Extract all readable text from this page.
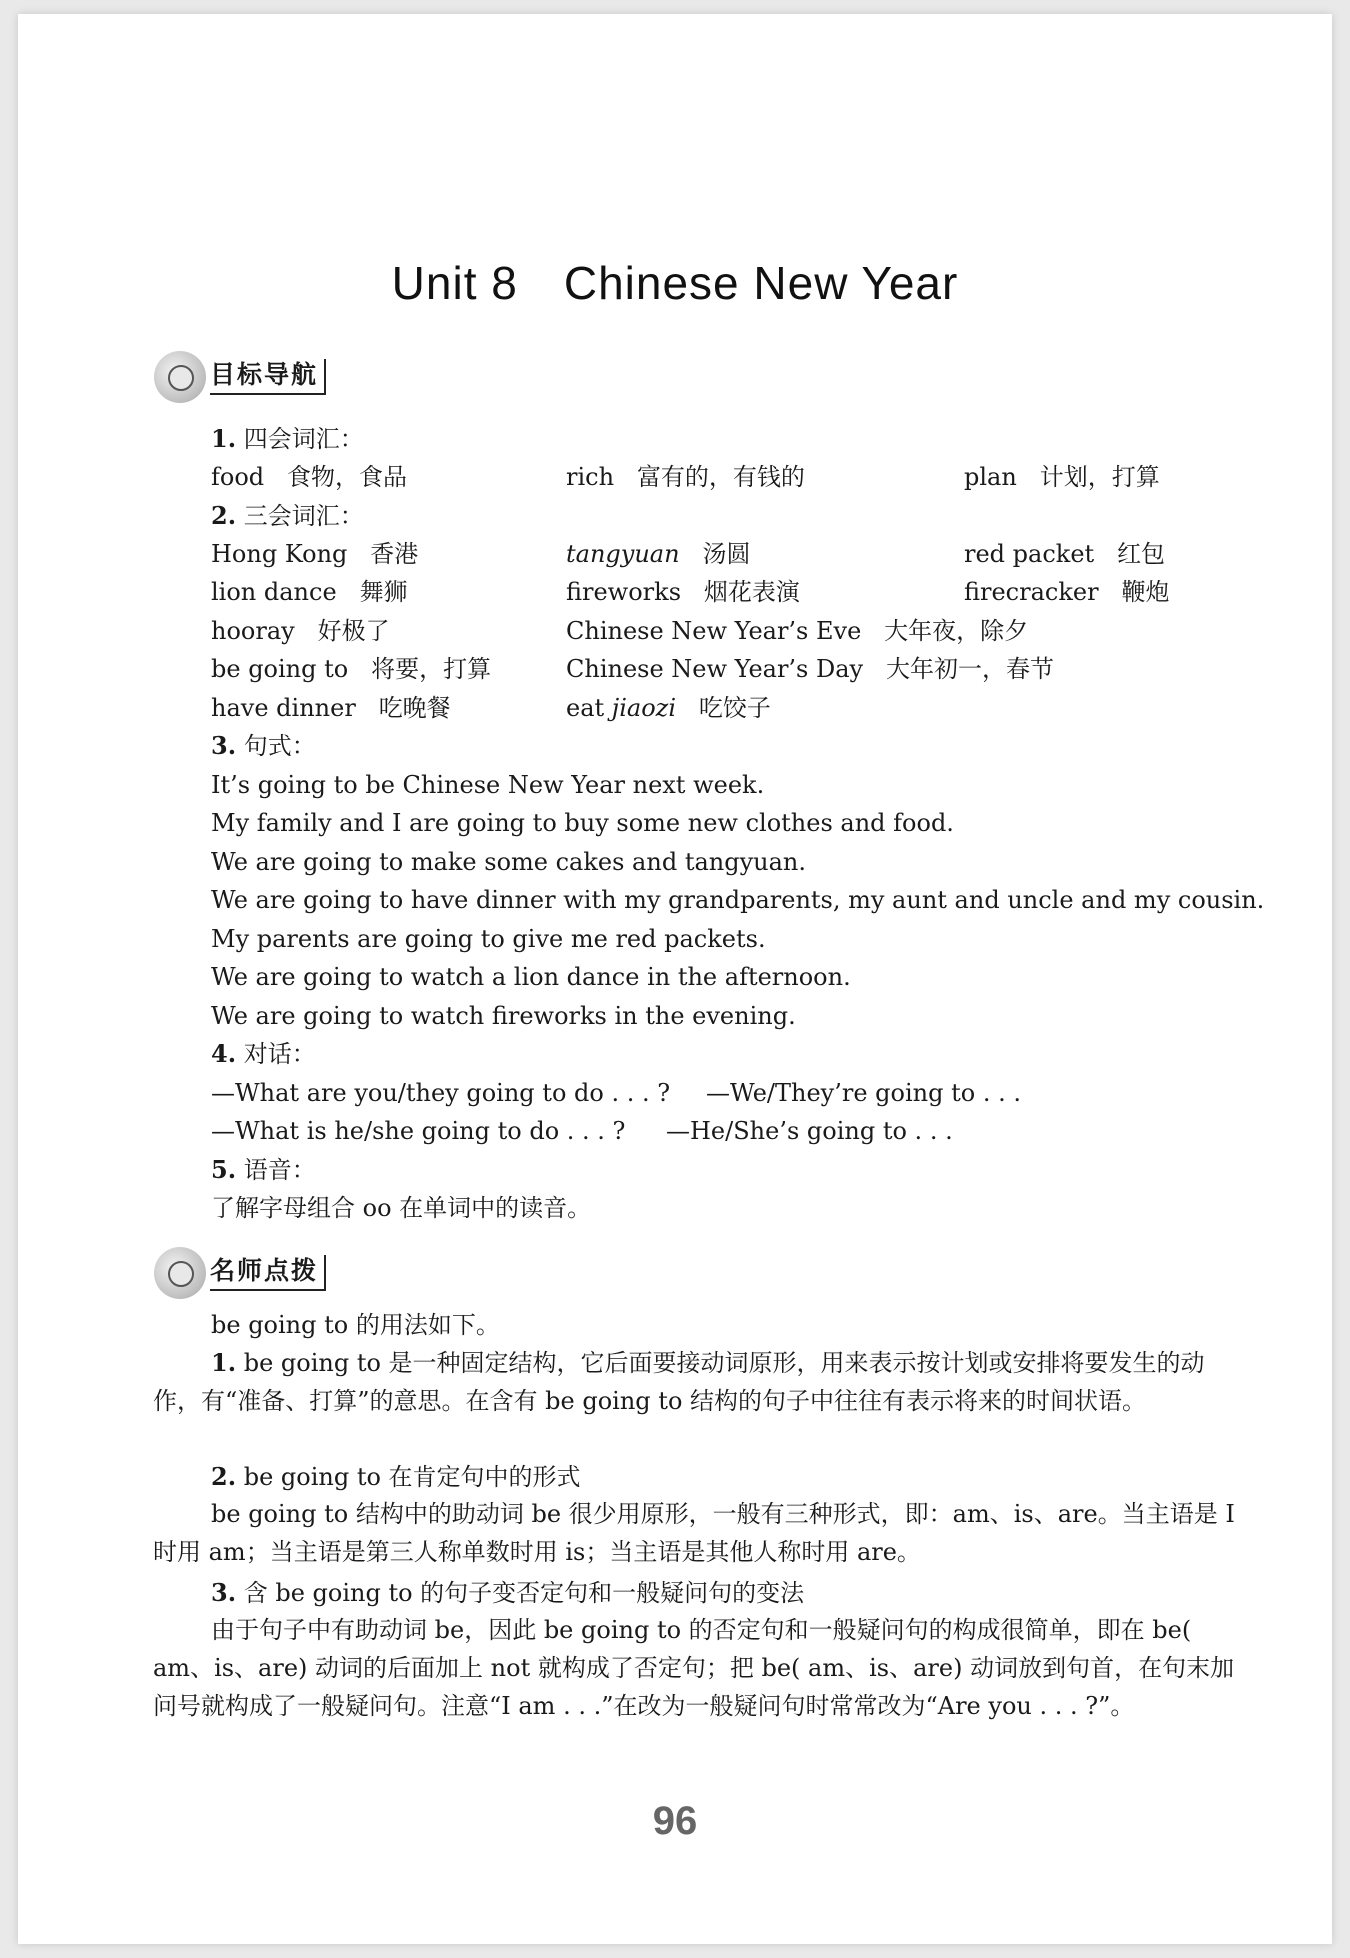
Unit 8 Chinese New Year
目标导航
1. 四会词汇：
food 食物，食品	rich 富有的，有钱的	plan 计划，打算
2. 三会词汇：
Hong Kong 香港	tangyuan 汤圆	red packet 红包
lion dance 舞狮	fireworks 烟花表演	firecracker 鞭炮
hooray 好极了	Chinese New Year’s Eve 大年夜，除夕
be going to 将要，打算	Chinese New Year’s Day 大年初一，春节
have dinner 吃晚餐	eat jiaozi 吃饺子
3. 句式：
It’s going to be Chinese New Year next week.
My family and I are going to buy some new clothes and food.
We are going to make some cakes and tangyuan.
We are going to have dinner with my grandparents, my aunt and uncle and my cousin.
My parents are going to give me red packets.
We are going to watch a lion dance in the afternoon.
We are going to watch fireworks in the evening.
4. 对话：
—What are you/they going to do . . . ? —We/They’re going to . . .
—What is he/she going to do . . . ? —He/She’s going to . . .
5. 语音：
了解字母组合 oo 在单词中的读音。
名师点拨
be going to 的用法如下。
1. be going to 是一种固定结构，它后面要接动词原形，用来表示按计划或安排将要发生的动作，有“准备、打算”的意思。在含有 be going to 结构的句子中往往有表示将来的时间状语。
2. be going to 在肯定句中的形式
be going to 结构中的助动词 be 很少用原形，一般有三种形式，即：am、is、are。当主语是 I 时用 am；当主语是第三人称单数时用 is；当主语是其他人称时用 are。
3. 含 be going to 的句子变否定句和一般疑问句的变法
由于句子中有助动词 be，因此 be going to 的否定句和一般疑问句的构成很简单，即在 be( am、is、are) 动词的后面加上 not 就构成了否定句；把 be( am、is、are) 动词放到句首，在句末加问号就构成了一般疑问句。注意“I am . . .”在改为一般疑问句时常常改为“Are you . . . ?”。
96
